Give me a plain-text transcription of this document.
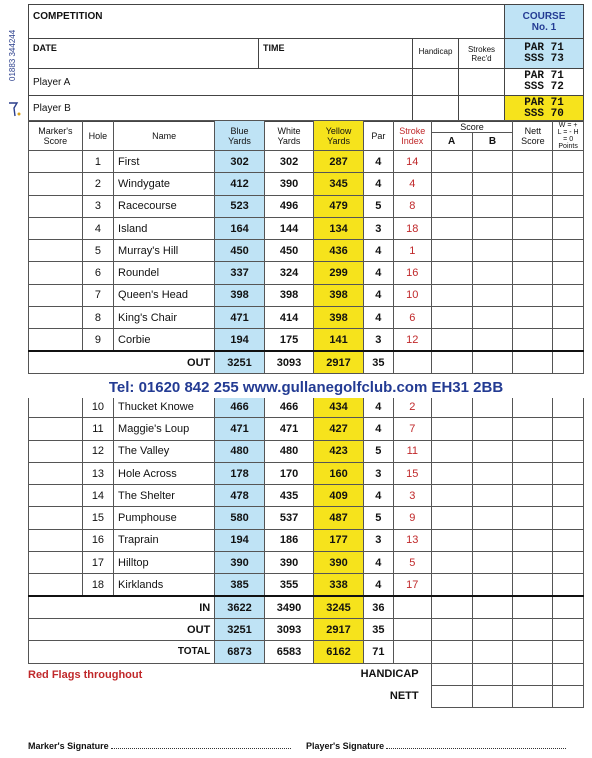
01883 344244
COMPETITION	COURSE
No. 1
DATE	TIME	Handicap	Strokes Rec'd
PAR 71
SSS 73
Player A	PAR 71
SSS 72
Player B	PAR 71
SSS 70
Marker's Score	Hole	Name	Blue Yards	White Yards	Yellow Yards	Par	Stroke Index	Score		Nett Score	W = + L = - H = 0 Points
								A	B		
	1	First	302	302	287	4	14				
	2	Windygate	412	390	345	4	4				
	3	Racecourse	523	496	479	5	8				
	4	Island	164	144	134	3	18				
	5	Murray's Hill	450	450	436	4	1				
	6	Roundel	337	324	299	4	16				
	7	Queen's Head	398	398	398	4	10				
	8	King's Chair	471	414	398	4	6				
	9	Corbie	194	175	141	3	12				
OUT			3251	3093	2917	35					

	10	Thucket Knowe	466	466	434	4	2				
	11	Maggie's Loup	471	471	427	4	7				
	12	The Valley	480	480	423	5	11				
	13	Hole Across	178	170	160	3	15				
	14	The Shelter	478	435	409	4	3				
	15	Pumphouse	580	537	487	5	9				
	16	Traprain	194	186	177	3	13				
	17	Hilltop	390	390	390	4	5				
	18	Kirklands	385	355	338	4	17				
IN			3622	3490	3245	36					
OUT			3251	3093	2917	35					
TOTAL			6873	6583	6162	71					
HANDICAP											
NETT											
Tel: 01620 842 255 www.gullanegolfclub.com EH31 2BB
Red Flags throughout
Marker's Signature	Player's Signature
